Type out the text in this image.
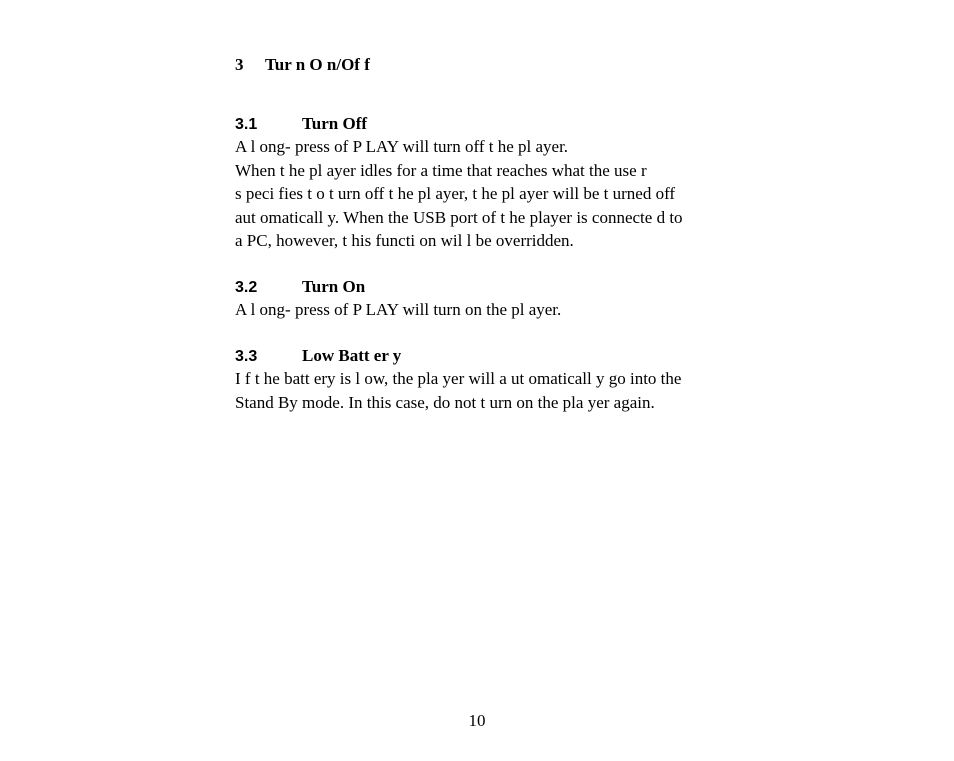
3 Tur n O n/Of f
3.1	Turn Off
A l ong- press of P LAY will turn off t he pl ayer.
When t he pl ayer idles for a time that reaches what the use r
s peci fies t o t urn off t he pl ayer, t he pl ayer will be t urned off
aut omaticall y. When the USB port of t he player is connecte d to
a PC, however, t his functi on wil l be overridden.
3.2	Turn On
A l ong- press of P LAY will turn on the pl ayer.
3.3	Low Batt er y
I f t he batt ery is l ow, the pla yer will a ut omaticall y go into the
Stand By mode. In this case, do not t urn on the pla yer again.
10
